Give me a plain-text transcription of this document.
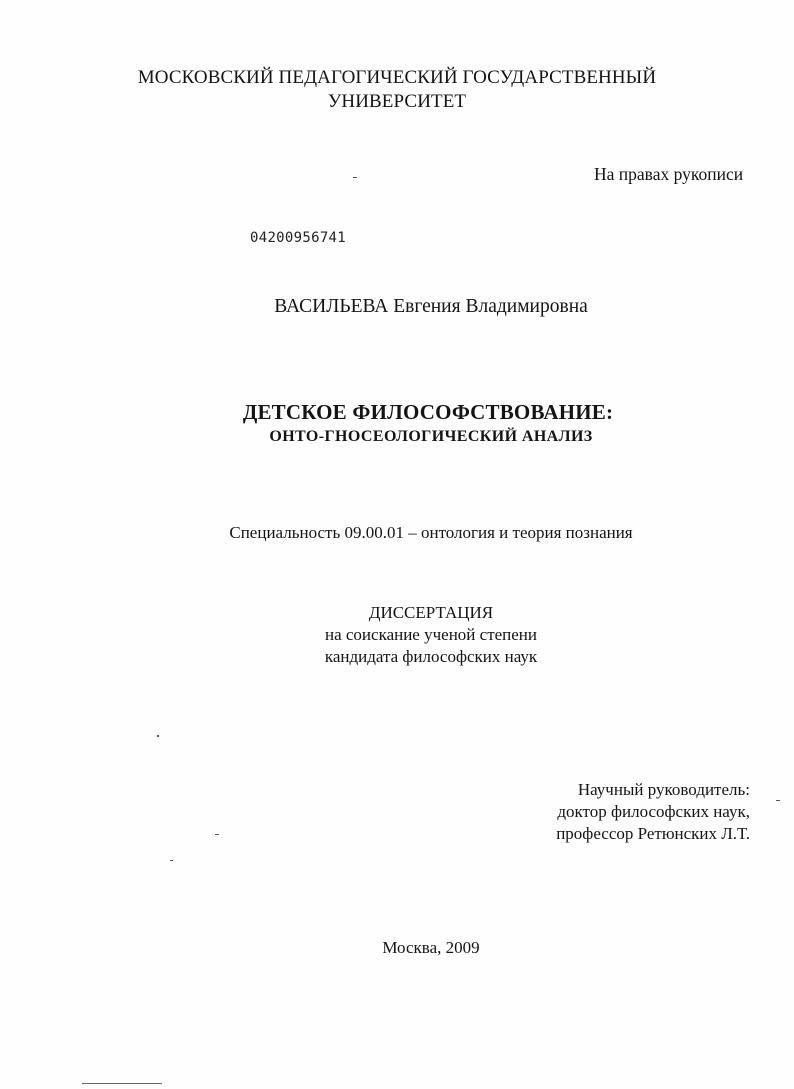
МОСКОВСКИЙ ПЕДАГОГИЧЕСКИЙ ГОСУДАРСТВЕННЫЙ
УНИВЕРСИТЕТ
На правах рукописи
04200956741
ВАСИЛЬЕВА Евгения Владимировна
ДЕТСКОЕ ФИЛОСОФСТВОВАНИЕ:
ОНТО-ГНОСЕОЛОГИЧЕСКИЙ АНАЛИЗ
Специальность 09.00.01 – онтология и теория познания
ДИССЕРТАЦИЯ
на соискание ученой степени
кандидата философских наук
Научный руководитель:
доктор философских наук,
профессор Ретюнских Л.Т.
Москва, 2009
